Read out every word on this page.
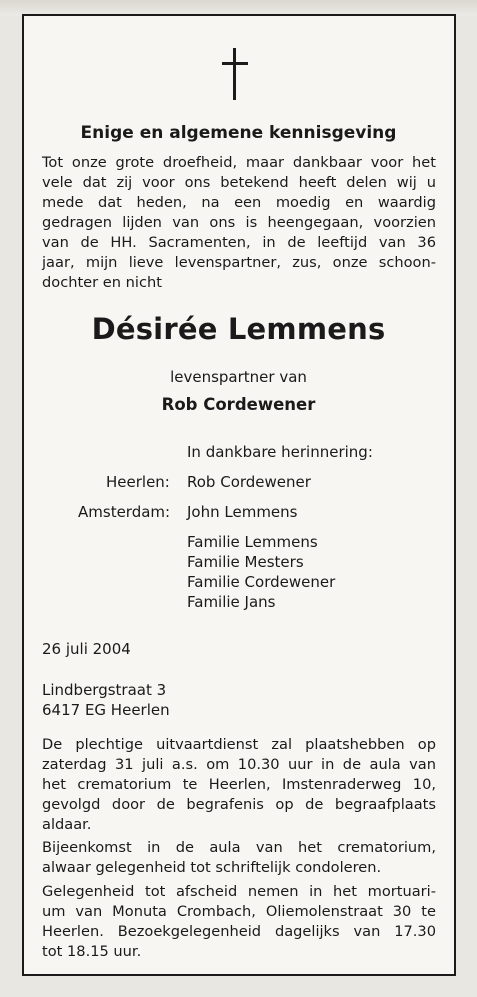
Enige en algemene kennisgeving
Tot onze grote droefheid, maar dankbaar voor het
vele dat zij voor ons betekend heeft delen wij u
mede dat heden, na een moedig en waardig
gedragen lijden van ons is heengegaan, voorzien
van de HH. Sacramenten, in de leeftijd van 36
jaar, mijn lieve levenspartner, zus, onze schoon-
dochter en nicht
Désirée Lemmens
levenspartner van
Rob Cordewener
In dankbare herinnering:
Heerlen: Rob Cordewener
Amsterdam: John Lemmens
Familie Lemmens
Familie Mesters
Familie Cordewener
Familie Jans
26 juli 2004
Lindbergstraat 3
6417 EG Heerlen
De plechtige uitvaartdienst zal plaatshebben op
zaterdag 31 juli a.s. om 10.30 uur in de aula van
het crematorium te Heerlen, Imstenraderweg 10,
gevolgd door de begrafenis op de begraafplaats
aldaar.
Bijeenkomst in de aula van het crematorium,
alwaar gelegenheid tot schriftelijk condoleren.
Gelegenheid tot afscheid nemen in het mortuari-
um van Monuta Crombach, Oliemolenstraat 30 te
Heerlen. Bezoekgelegenheid dagelijks van 17.30
tot 18.15 uur.
